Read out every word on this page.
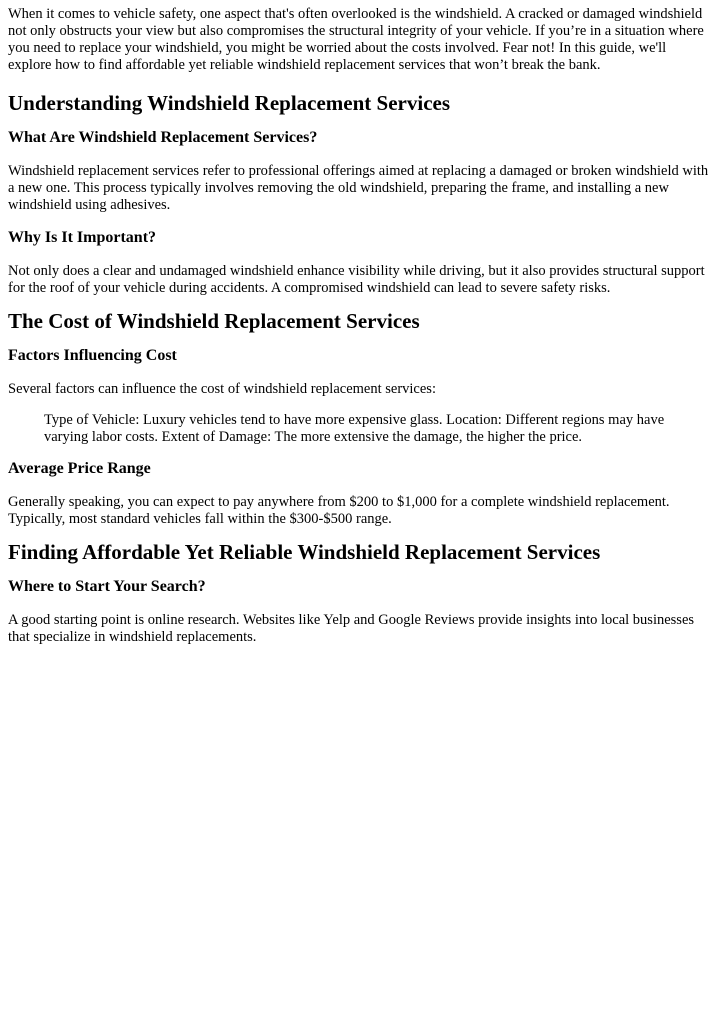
When it comes to vehicle safety, one aspect that's often overlooked is the windshield. A cracked or damaged windshield not only obstructs your view but also compromises the structural integrity of your vehicle. If you’re in a situation where you need to replace your windshield, you might be worried about the costs involved. Fear not! In this guide, we'll explore how to find affordable yet reliable windshield replacement services that won’t break the bank.

Understanding Windshield Replacement Services
What Are Windshield Replacement Services?

Windshield replacement services refer to professional offerings aimed at replacing a damaged or broken windshield with a new one. This process typically involves removing the old windshield, preparing the frame, and installing a new windshield using adhesives.

Why Is It Important?

Not only does a clear and undamaged windshield enhance visibility while driving, but it also provides structural support for the roof of your vehicle during accidents. A compromised windshield can lead to severe safety risks.

The Cost of Windshield Replacement Services
Factors Influencing Cost

Several factors can influence the cost of windshield replacement services:

Type of Vehicle: Luxury vehicles tend to have more expensive glass. Location: Different regions may have varying labor costs. Extent of Damage: The more extensive the damage, the higher the price.

Average Price Range

Generally speaking, you can expect to pay anywhere from $200 to $1,000 for a complete windshield replacement. Typically, most standard vehicles fall within the $300-$500 range.

Finding Affordable Yet Reliable Windshield Replacement Services
Where to Start Your Search?

A good starting point is online research. Websites like Yelp and Google Reviews provide insights into local businesses that specialize in windshield replacements.
